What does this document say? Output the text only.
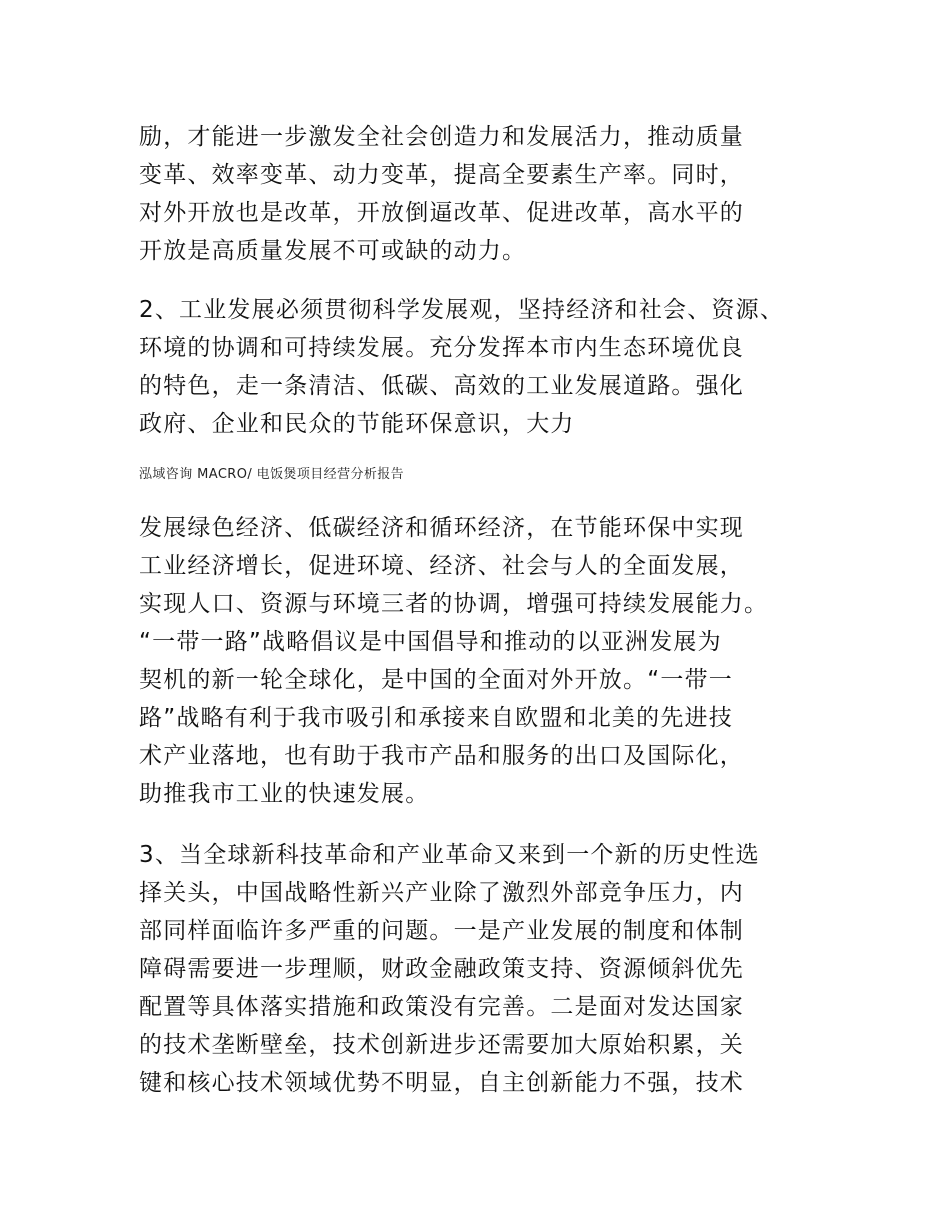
励，才能进一步激发全社会创造力和发展活力，推动质量

变革、效率变革、动力变革，提高全要素生产率。同时，

对外开放也是改革，开放倒逼改革、促进改革，高水平的

开放是高质量发展不可或缺的动力。

2、工业发展必须贯彻科学发展观，坚持经济和社会、资源、

环境的协调和可持续发展。充分发挥本市内生态环境优良

的特色，走一条清洁、低碳、高效的工业发展道路。强化

政府、企业和民众的节能环保意识，大力

泓域咨询 MACRO/ 电饭煲项目经营分析报告

发展绿色经济、低碳经济和循环经济，在节能环保中实现

工业经济增长，促进环境、经济、社会与人的全面发展，

实现人口、资源与环境三者的协调，增强可持续发展能力。

“一带一路”战略倡议是中国倡导和推动的以亚洲发展为

契机的新一轮全球化，是中国的全面对外开放。“一带一

路”战略有利于我市吸引和承接来自欧盟和北美的先进技

术产业落地，也有助于我市产品和服务的出口及国际化，

助推我市工业的快速发展。

3、当全球新科技革命和产业革命又来到一个新的历史性选

择关头，中国战略性新兴产业除了激烈外部竞争压力，内

部同样面临许多严重的问题。一是产业发展的制度和体制

障碍需要进一步理顺，财政金融政策支持、资源倾斜优先

配置等具体落实措施和政策没有完善。二是面对发达国家

的技术垄断壁垒，技术创新进步还需要加大原始积累，关

键和核心技术领域优势不明显，自主创新能力不强，技术
